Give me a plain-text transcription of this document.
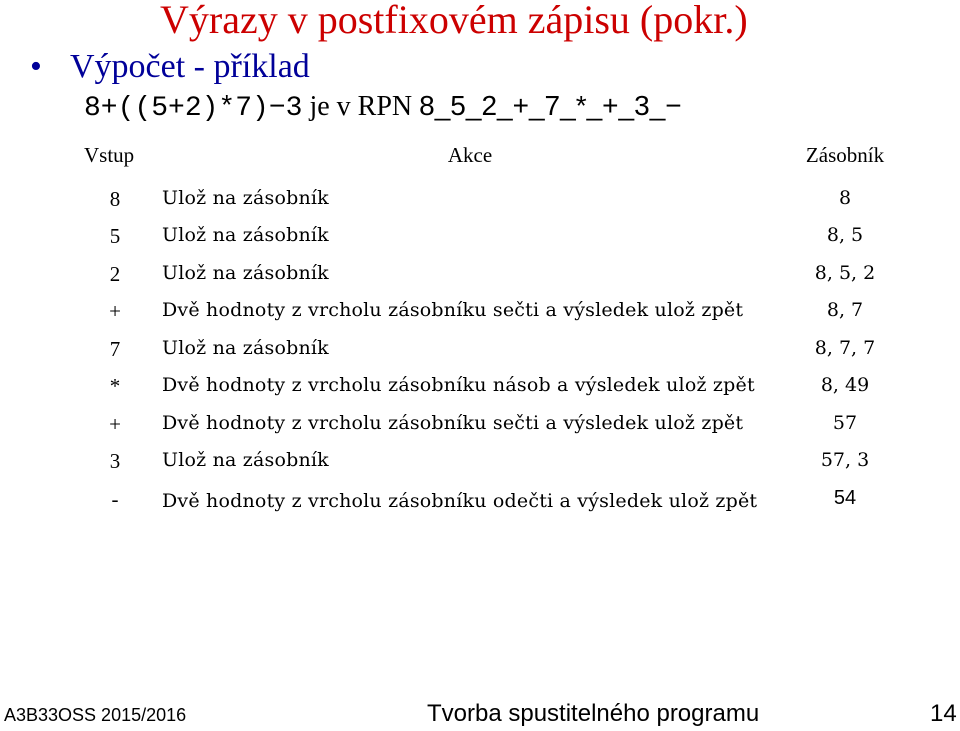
Výrazy v postfixovém zápisu (pokr.)
• Výpočet - příklad
8+((5+2)*7)−3 je v RPN 8_5_2_+_7_*_+_3_−
Vstup	Akce	Zásobník
8	Ulož na zásobník	8
5	Ulož na zásobník	8, 5
2	Ulož na zásobník	8, 5, 2
+	Dvě hodnoty z vrcholu zásobníku sečti a výsledek ulož zpět	8, 7
7	Ulož na zásobník	8, 7, 7
*	Dvě hodnoty z vrcholu zásobníku násob a výsledek ulož zpět	8, 49
+	Dvě hodnoty z vrcholu zásobníku sečti a výsledek ulož zpět	57
3	Ulož na zásobník	57, 3
-	Dvě hodnoty z vrcholu zásobníku odečti a výsledek ulož zpět	54
A3B33OSS 2015/2016	Tvorba spustitelného programu	14
